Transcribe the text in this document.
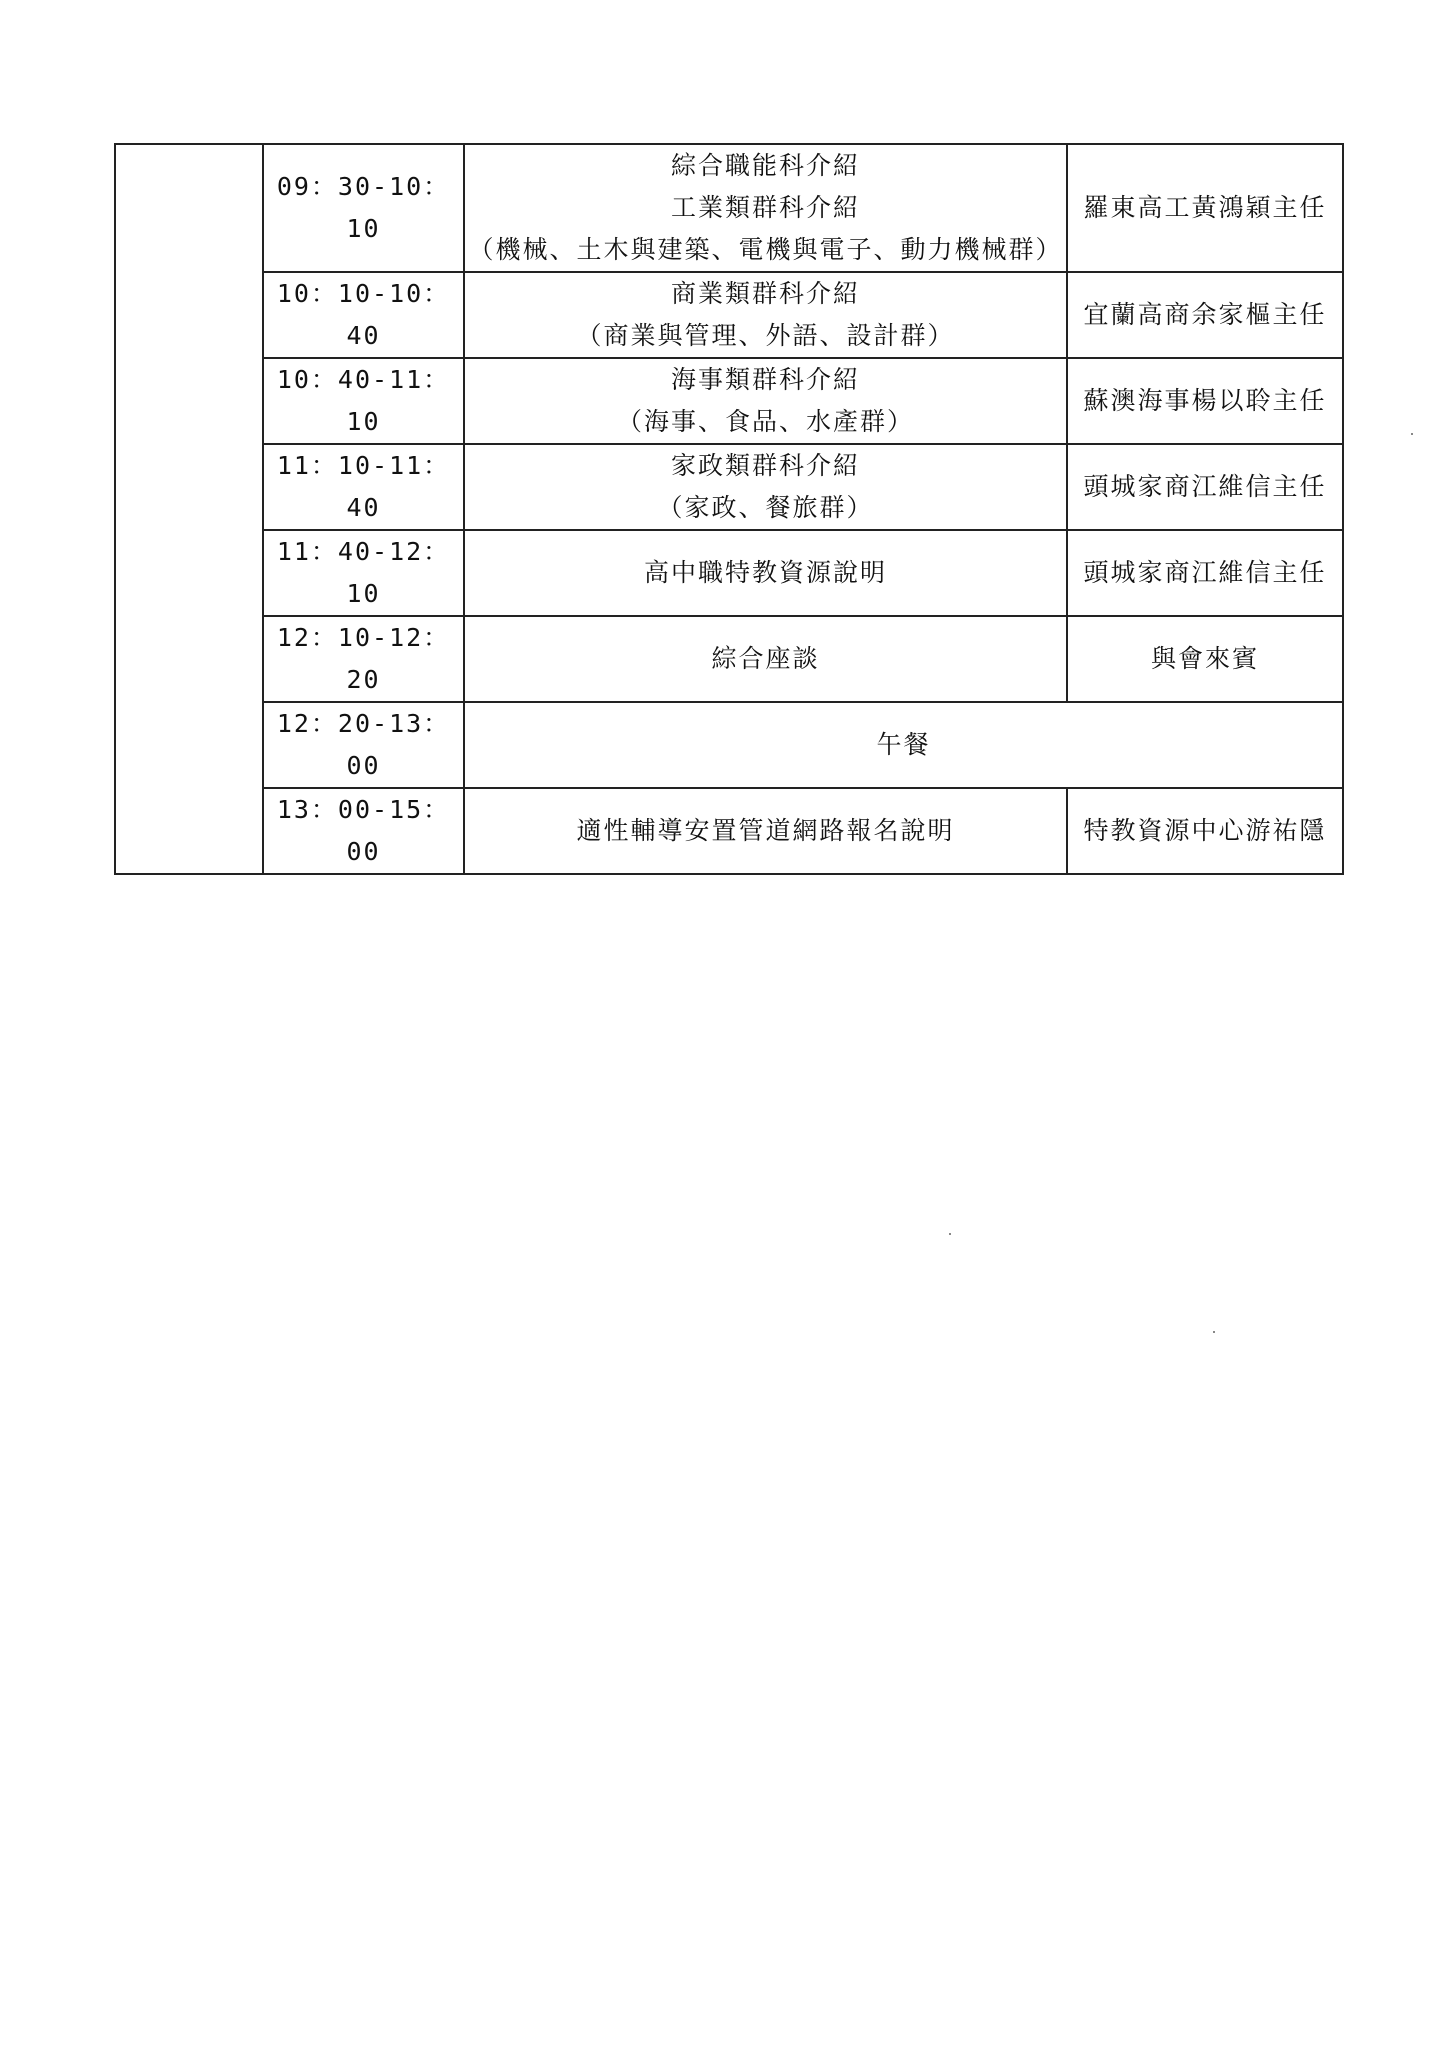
	09：30-10：10	綜合職能科介紹
工業類群科介紹
（機械、土木與建築、電機與電子、動力機械群）	羅東高工黃鴻穎主任
	10：10-10：40	商業類群科介紹
（商業與管理、外語、設計群）	宜蘭高商余家樞主任
	10：40-11：10	海事類群科介紹
（海事、食品、水產群）	蘇澳海事楊以聆主任
	11：10-11：40	家政類群科介紹
（家政、餐旅群）	頭城家商江維信主任
	11：40-12：10	高中職特教資源說明	頭城家商江維信主任
	12：10-12：20	綜合座談	與會來賓
	12：20-13：00	午餐	
	13：00-15：00	適性輔導安置管道網路報名說明	特教資源中心游祐隱
